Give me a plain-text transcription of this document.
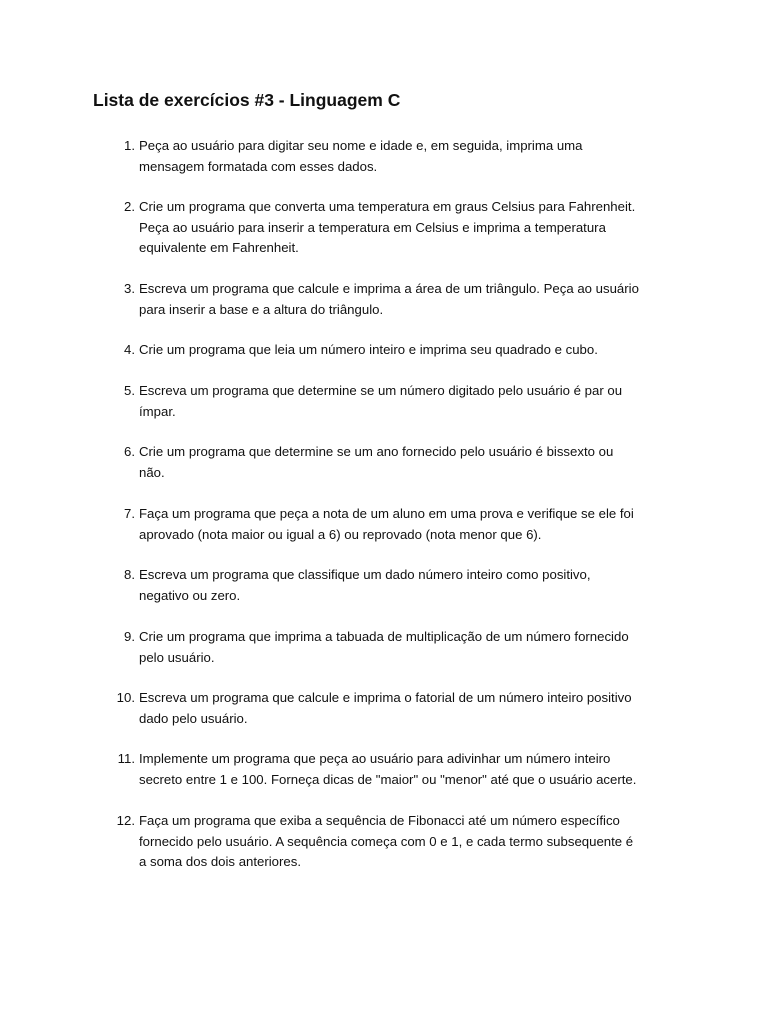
Lista de exercícios #3 - Linguagem C
1. Peça ao usuário para digitar seu nome e idade e, em seguida, imprima uma
mensagem formatada com esses dados.
2. Crie um programa que converta uma temperatura em graus Celsius para Fahrenheit.
Peça ao usuário para inserir a temperatura em Celsius e imprima a temperatura
equivalente em Fahrenheit.
3. Escreva um programa que calcule e imprima a área de um triângulo. Peça ao usuário
para inserir a base e a altura do triângulo.
4. Crie um programa que leia um número inteiro e imprima seu quadrado e cubo.
5. Escreva um programa que determine se um número digitado pelo usuário é par ou
ímpar.
6. Crie um programa que determine se um ano fornecido pelo usuário é bissexto ou
não.
7. Faça um programa que peça a nota de um aluno em uma prova e verifique se ele foi
aprovado (nota maior ou igual a 6) ou reprovado (nota menor que 6).
8. Escreva um programa que classifique um dado número inteiro como positivo,
negativo ou zero.
9. Crie um programa que imprima a tabuada de multiplicação de um número fornecido
pelo usuário.
10. Escreva um programa que calcule e imprima o fatorial de um número inteiro positivo
dado pelo usuário.
11. Implemente um programa que peça ao usuário para adivinhar um número inteiro
secreto entre 1 e 100. Forneça dicas de "maior" ou "menor" até que o usuário acerte.
12. Faça um programa que exiba a sequência de Fibonacci até um número específico
fornecido pelo usuário. A sequência começa com 0 e 1, e cada termo subsequente é
a soma dos dois anteriores.
